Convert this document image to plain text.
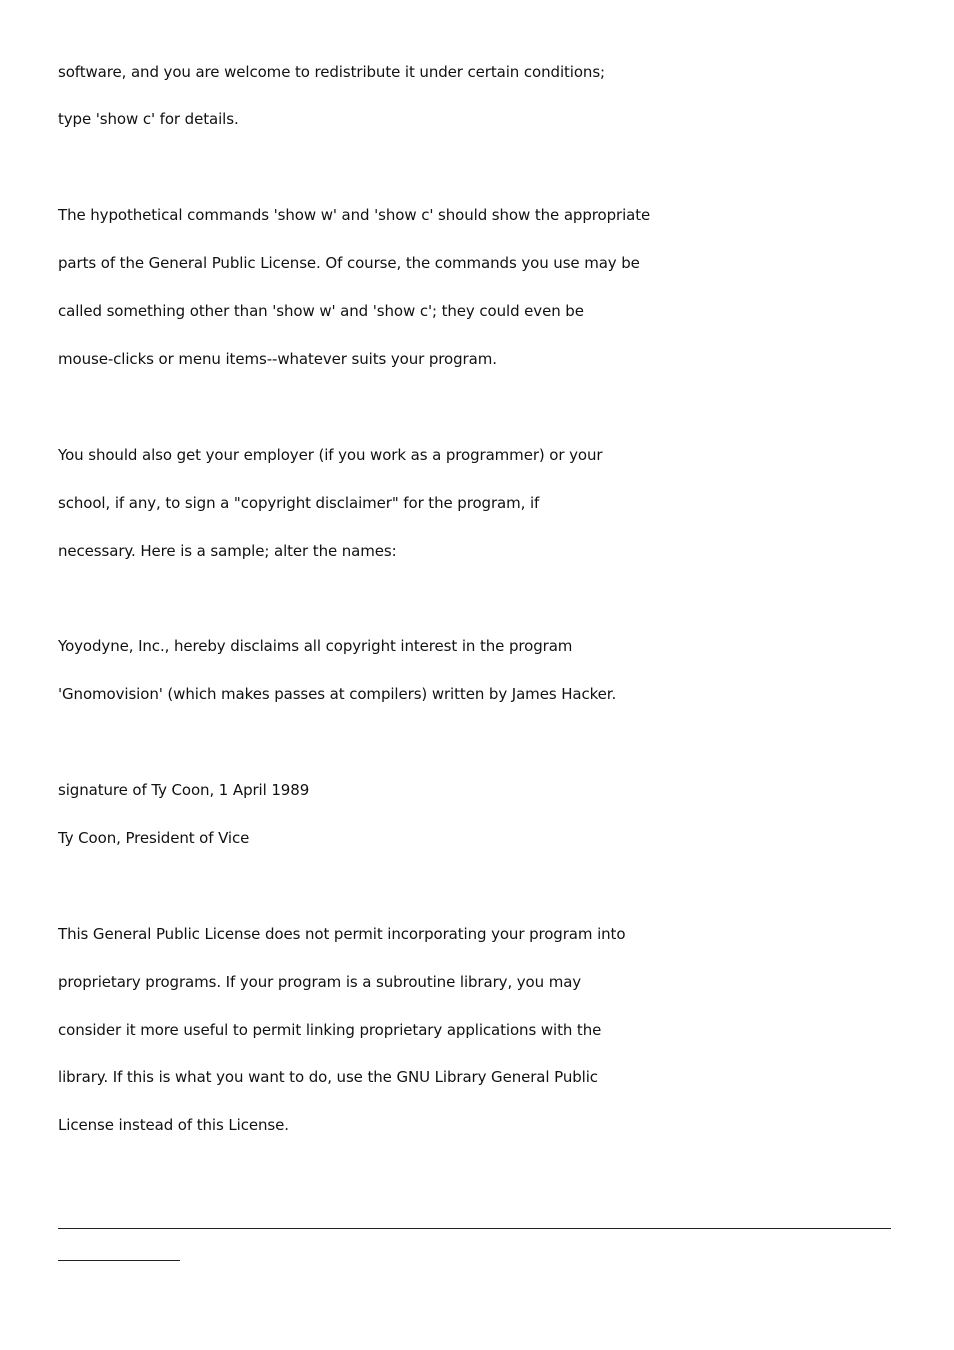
software, and you are welcome to redistribute it under certain conditions;
type 'show c' for details.
The hypothetical commands 'show w' and 'show c' should show the appropriate
parts of the General Public License. Of course, the commands you use may be
called something other than 'show w' and 'show c'; they could even be
mouse-clicks or menu items--whatever suits your program.
You should also get your employer (if you work as a programmer) or your
school, if any, to sign a "copyright disclaimer" for the program, if
necessary. Here is a sample; alter the names:
Yoyodyne, Inc., hereby disclaims all copyright interest in the program
'Gnomovision' (which makes passes at compilers) written by James Hacker.
signature of Ty Coon, 1 April 1989
Ty Coon, President of Vice
This General Public License does not permit incorporating your program into
proprietary programs. If your program is a subroutine library, you may
consider it more useful to permit linking proprietary applications with the
library. If this is what you want to do, use the GNU Library General Public
License instead of this License.
